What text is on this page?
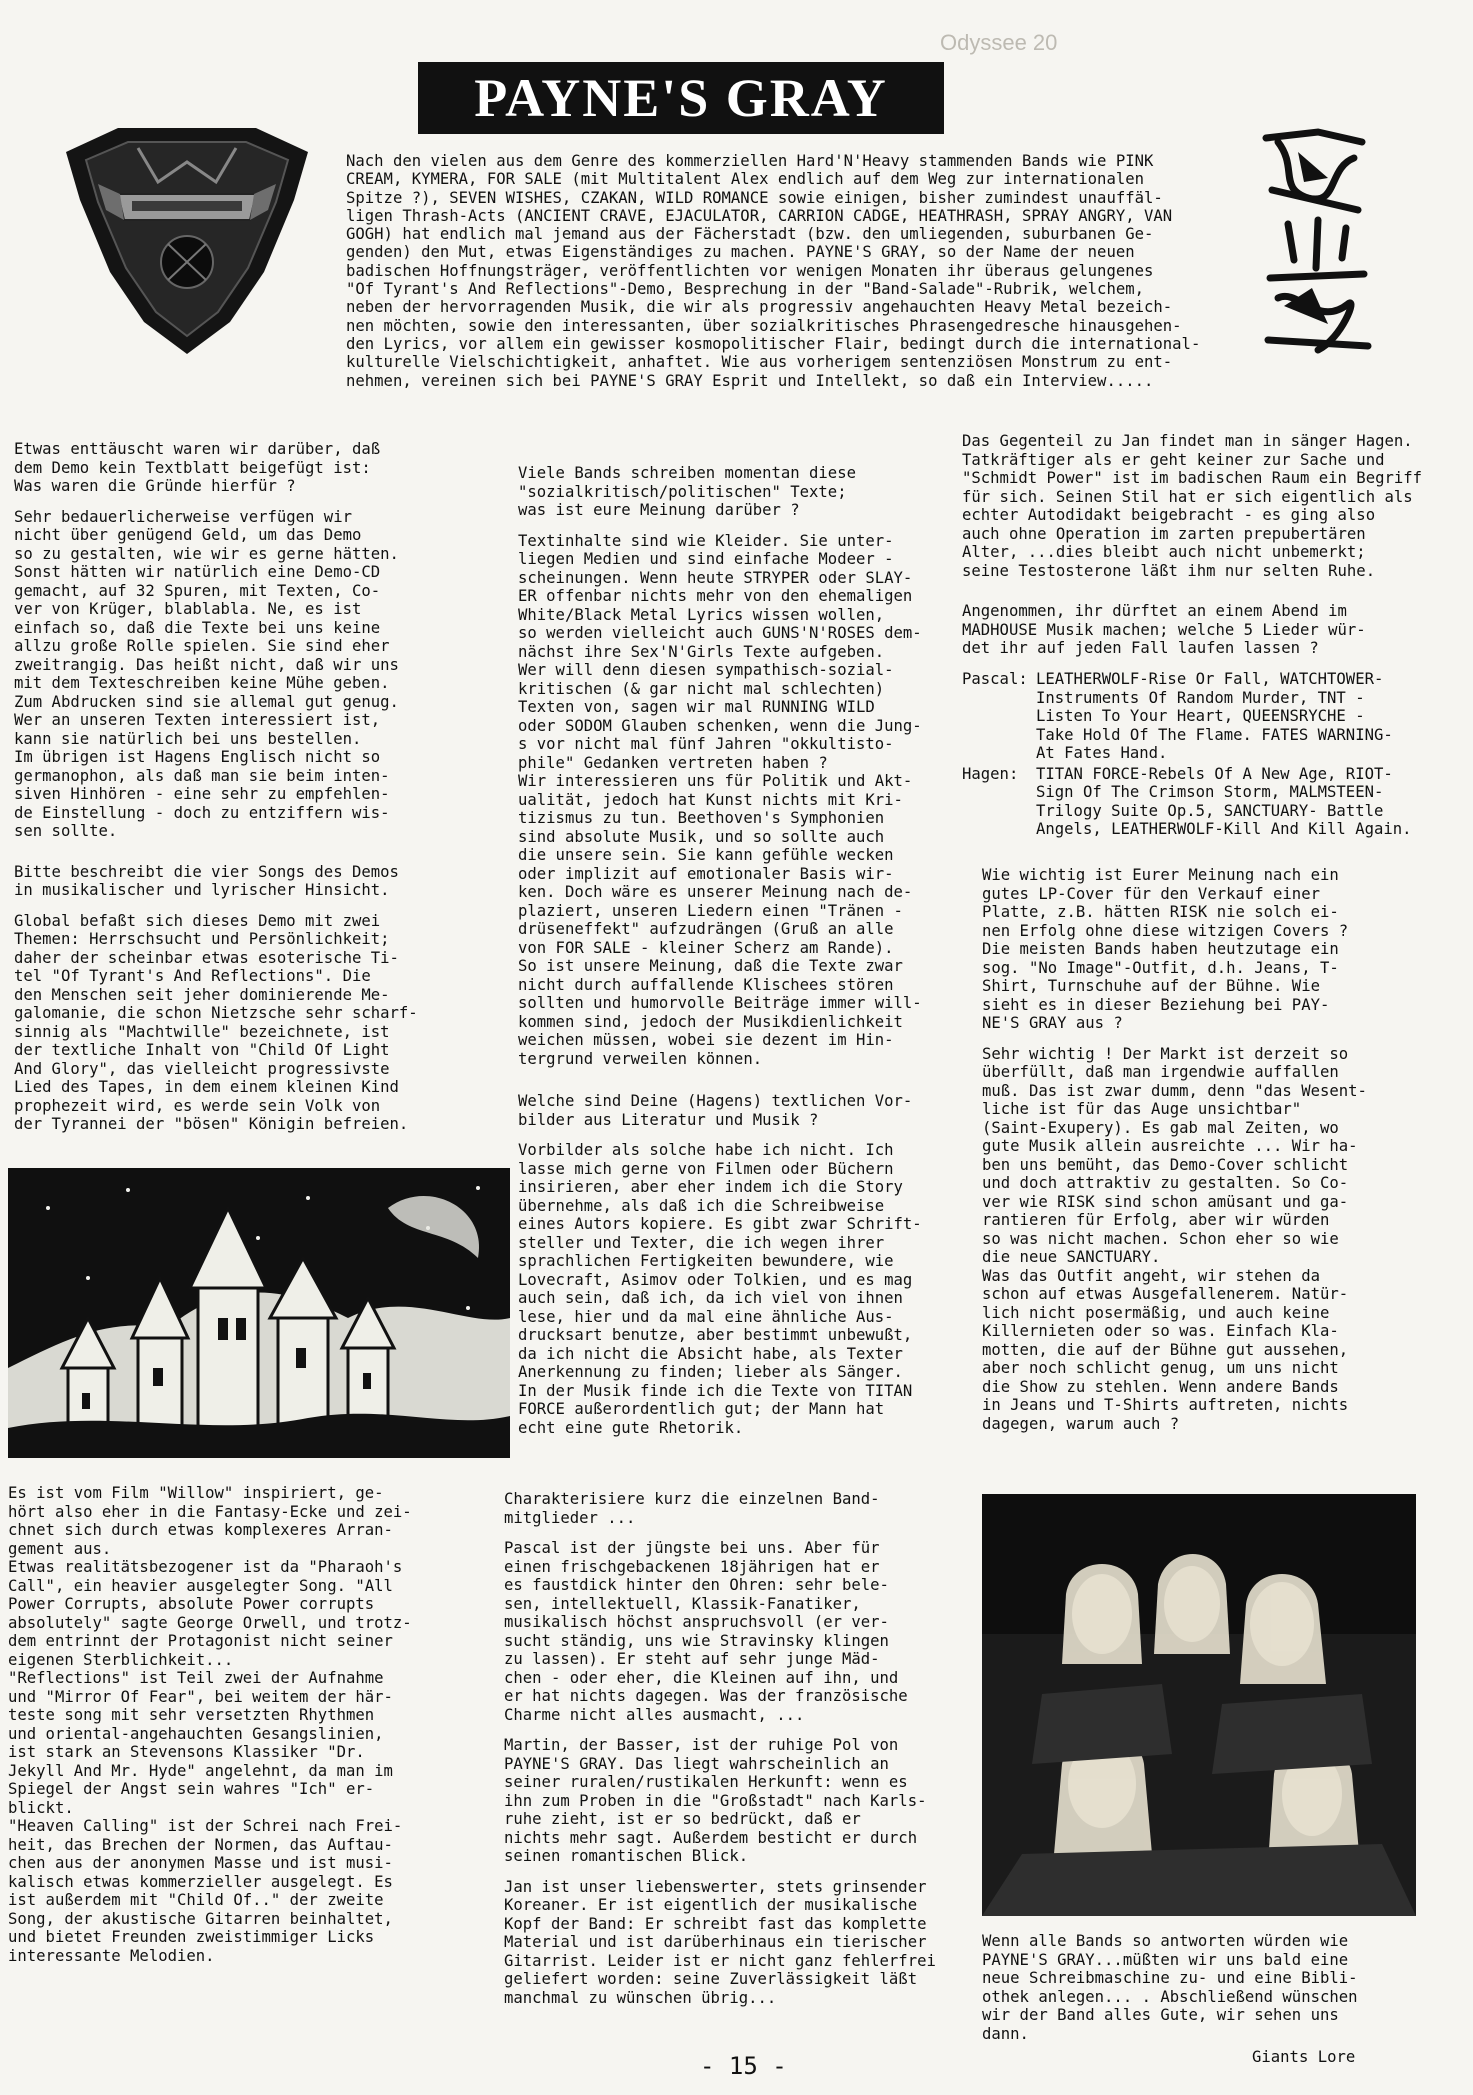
Odyssee 20
PAYNE'S GRAY
Nach den vielen aus dem Genre des kommerziellen Hard'N'Heavy stammenden Bands wie PINK
CREAM, KYMERA, FOR SALE (mit Multitalent Alex endlich auf dem Weg zur internationalen
Spitze ?), SEVEN WISHES, CZAKAN, WILD ROMANCE sowie einigen, bisher zumindest unauffäl-
ligen Thrash-Acts (ANCIENT CRAVE, EJACULATOR, CARRION CADGE, HEATHRASH, SPRAY ANGRY, VAN
GOGH) hat endlich mal jemand aus der Fächerstadt (bzw. den umliegenden, suburbanen Ge-
genden) den Mut, etwas Eigenständiges zu machen. PAYNE'S GRAY, so der Name der neuen
badischen Hoffnungsträger, veröffentlichten vor wenigen Monaten ihr überaus gelungenes
"Of Tyrant's And Reflections"-Demo, Besprechung in der "Band-Salade"-Rubrik, welchem,
neben der hervorragenden Musik, die wir als progressiv angehauchten Heavy Metal bezeich-
nen möchten, sowie den interessanten, über sozialkritisches Phrasengedresche hinausgehen-
den Lyrics, vor allem ein gewisser kosmopolitischer Flair, bedingt durch die international-
kulturelle Vielschichtigkeit, anhaftet. Wie aus vorherigem sentenziösen Monstrum zu ent-
nehmen, vereinen sich bei PAYNE'S GRAY Esprit und Intellekt, so daß ein Interview.....
Etwas enttäuscht waren wir darüber, daß
dem Demo kein Textblatt beigefügt ist:
Was waren die Gründe hierfür ?
Sehr bedauerlicherweise verfügen wir
nicht über genügend Geld, um das Demo
so zu gestalten, wie wir es gerne hätten.
Sonst hätten wir natürlich eine Demo-CD
gemacht, auf 32 Spuren, mit Texten, Co-
ver von Krüger, blablabla. Ne, es ist
einfach so, daß die Texte bei uns keine
allzu große Rolle spielen. Sie sind eher
zweitrangig. Das heißt nicht, daß wir uns
mit dem Texteschreiben keine Mühe geben.
Zum Abdrucken sind sie allemal gut genug.
Wer an unseren Texten interessiert ist,
kann sie natürlich bei uns bestellen.
Im übrigen ist Hagens Englisch nicht so
germanophon, als daß man sie beim inten-
siven Hinhören - eine sehr zu empfehlen-
de Einstellung - doch zu entziffern wis-
sen sollte.
Bitte beschreibt die vier Songs des Demos
in musikalischer und lyrischer Hinsicht.
Global befaßt sich dieses Demo mit zwei
Themen: Herrschsucht und Persönlichkeit;
daher der scheinbar etwas esoterische Ti-
tel "Of Tyrant's And Reflections". Die
den Menschen seit jeher dominierende Me-
galomanie, die schon Nietzsche sehr scharf-
sinnig als "Machtwille" bezeichnete, ist
der textliche Inhalt von "Child Of Light
And Glory", das vielleicht progressivste
Lied des Tapes, in dem einem kleinen Kind
prophezeit wird, es werde sein Volk von
der Tyrannei der "bösen" Königin befreien.
Es ist vom Film "Willow" inspiriert, ge-
hört also eher in die Fantasy-Ecke und zei-
chnet sich durch etwas komplexeres Arran-
gement aus.
Etwas realitätsbezogener ist da "Pharaoh's
Call", ein heavier ausgelegter Song. "All
Power Corrupts, absolute Power corrupts
absolutely" sagte George Orwell, und trotz-
dem entrinnt der Protagonist nicht seiner
eigenen Sterblichkeit...
"Reflections" ist Teil zwei der Aufnahme
und "Mirror Of Fear", bei weitem der här-
teste song mit sehr versetzten Rhythmen
und oriental-angehauchten Gesangslinien,
ist stark an Stevensons Klassiker "Dr.
Jekyll And Mr. Hyde" angelehnt, da man im
Spiegel der Angst sein wahres "Ich" er-
blickt.
"Heaven Calling" ist der Schrei nach Frei-
heit, das Brechen der Normen, das Auftau-
chen aus der anonymen Masse und ist musi-
kalisch etwas kommerzieller ausgelegt. Es
ist außerdem mit "Child Of.." der zweite
Song, der akustische Gitarren beinhaltet,
und bietet Freunden zweistimmiger Licks
interessante Melodien.
Viele Bands schreiben momentan diese
"sozialkritisch/politischen" Texte;
was ist eure Meinung darüber ?
Textinhalte sind wie Kleider. Sie unter-
liegen Medien und sind einfache Modeer -
scheinungen. Wenn heute STRYPER oder SLAY-
ER offenbar nichts mehr von den ehemaligen
White/Black Metal Lyrics wissen wollen,
so werden vielleicht auch GUNS'N'ROSES dem-
nächst ihre Sex'N'Girls Texte aufgeben.
Wer will denn diesen sympathisch-sozial-
kritischen (& gar nicht mal schlechten)
Texten von, sagen wir mal RUNNING WILD
oder SODOM Glauben schenken, wenn die Jung-
s vor nicht mal fünf Jahren "okkultisto-
phile" Gedanken vertreten haben ?
Wir interessieren uns für Politik und Akt-
ualität, jedoch hat Kunst nichts mit Kri-
tizismus zu tun. Beethoven's Symphonien
sind absolute Musik, und so sollte auch
die unsere sein. Sie kann gefühle wecken
oder implizit auf emotionaler Basis wir-
ken. Doch wäre es unserer Meinung nach de-
plaziert, unseren Liedern einen "Tränen -
drüseneffekt" aufzudrängen (Gruß an alle
von FOR SALE - kleiner Scherz am Rande).
So ist unsere Meinung, daß die Texte zwar
nicht durch auffallende Klischees stören
sollten und humorvolle Beiträge immer will-
kommen sind, jedoch der Musikdienlichkeit
weichen müssen, wobei sie dezent im Hin-
tergrund verweilen können.
Welche sind Deine (Hagens) textlichen Vor-
bilder aus Literatur und Musik ?
Vorbilder als solche habe ich nicht. Ich
lasse mich gerne von Filmen oder Büchern
insirieren, aber eher indem ich die Story
übernehme, als daß ich die Schreibweise
eines Autors kopiere. Es gibt zwar Schrift-
steller und Texter, die ich wegen ihrer
sprachlichen Fertigkeiten bewundere, wie
Lovecraft, Asimov oder Tolkien, und es mag
auch sein, daß ich, da ich viel von ihnen
lese, hier und da mal eine ähnliche Aus-
drucksart benutze, aber bestimmt unbewußt,
da ich nicht die Absicht habe, als Texter
Anerkennung zu finden; lieber als Sänger.
In der Musik finde ich die Texte von TITAN
FORCE außerordentlich gut; der Mann hat
echt eine gute Rhetorik.
Charakterisiere kurz die einzelnen Band-
mitglieder ...
Pascal ist der jüngste bei uns. Aber für
einen frischgebackenen 18jährigen hat er
es faustdick hinter den Ohren: sehr bele-
sen, intellektuell, Klassik-Fanatiker,
musikalisch höchst anspruchsvoll (er ver-
sucht ständig, uns wie Stravinsky klingen
zu lassen). Er steht auf sehr junge Mäd-
chen - oder eher, die Kleinen auf ihn, und
er hat nichts dagegen. Was der französische
Charme nicht alles ausmacht, ...
Martin, der Basser, ist der ruhige Pol von
PAYNE'S GRAY. Das liegt wahrscheinlich an
seiner ruralen/rustikalen Herkunft: wenn es
ihn zum Proben in die "Großstadt" nach Karls-
ruhe zieht, ist er so bedrückt, daß er
nichts mehr sagt. Außerdem besticht er durch
seinen romantischen Blick.
Jan ist unser liebenswerter, stets grinsender
Koreaner. Er ist eigentlich der musikalische
Kopf der Band: Er schreibt fast das komplette
Material und ist darüberhinaus ein tierischer
Gitarrist. Leider ist er nicht ganz fehlerfrei
geliefert worden: seine Zuverlässigkeit läßt
manchmal zu wünschen übrig...
Das Gegenteil zu Jan findet man in sänger Hagen.
Tatkräftiger als er geht keiner zur Sache und
"Schmidt Power" ist im badischen Raum ein Begriff
für sich. Seinen Stil hat er sich eigentlich als
echter Autodidakt beigebracht - es ging also
auch ohne Operation im zarten prepubertären
Alter, ...dies bleibt auch nicht unbemerkt;
seine Testosterone läßt ihm nur selten Ruhe.
Angenommen, ihr dürftet an einem Abend im
MADHOUSE Musik machen; welche 5 Lieder wür-
det ihr auf jeden Fall laufen lassen ?
Pascal: LEATHERWOLF-Rise Or Fall, WATCHTOWER-
Instruments Of Random Murder, TNT -
Listen To Your Heart, QUEENSRYCHE -
Take Hold Of The Flame. FATES WARNING-
At Fates Hand.
Hagen:	TITAN FORCE-Rebels Of A New Age, RIOT-
Sign Of The Crimson Storm, MALMSTEEN-
Trilogy Suite Op.5, SANCTUARY- Battle
Angels, LEATHERWOLF-Kill And Kill Again.
Wie wichtig ist Eurer Meinung nach ein
gutes LP-Cover für den Verkauf einer
Platte, z.B. hätten RISK nie solch ei-
nen Erfolg ohne diese witzigen Covers ?
Die meisten Bands haben heutzutage ein
sog. "No Image"-Outfit, d.h. Jeans, T-
Shirt, Turnschuhe auf der Bühne. Wie
sieht es in dieser Beziehung bei PAY-
NE'S GRAY aus ?
Sehr wichtig ! Der Markt ist derzeit so
überfüllt, daß man irgendwie auffallen
muß. Das ist zwar dumm, denn "das Wesent-
liche ist für das Auge unsichtbar"
(Saint-Exupery). Es gab mal Zeiten, wo
gute Musik allein ausreichte ... Wir ha-
ben uns bemüht, das Demo-Cover schlicht
und doch attraktiv zu gestalten. So Co-
ver wie RISK sind schon amüsant und ga-
rantieren für Erfolg, aber wir würden
so was nicht machen. Schon eher so wie
die neue SANCTUARY.
Was das Outfit angeht, wir stehen da
schon auf etwas Ausgefallenerem. Natür-
lich nicht posermäßig, und auch keine
Killernieten oder so was. Einfach Kla-
motten, die auf der Bühne gut aussehen,
aber noch schlicht genug, um uns nicht
die Show zu stehlen. Wenn andere Bands
in Jeans und T-Shirts auftreten, nichts
dagegen, warum auch ?
Wenn alle Bands so antworten würden wie
PAYNE'S GRAY...müßten wir uns bald eine
neue Schreibmaschine zu- und eine Bibli-
othek anlegen... . Abschließend wünschen
wir der Band alles Gute, wir sehen uns
dann.
- 15 -	Giants Lore
